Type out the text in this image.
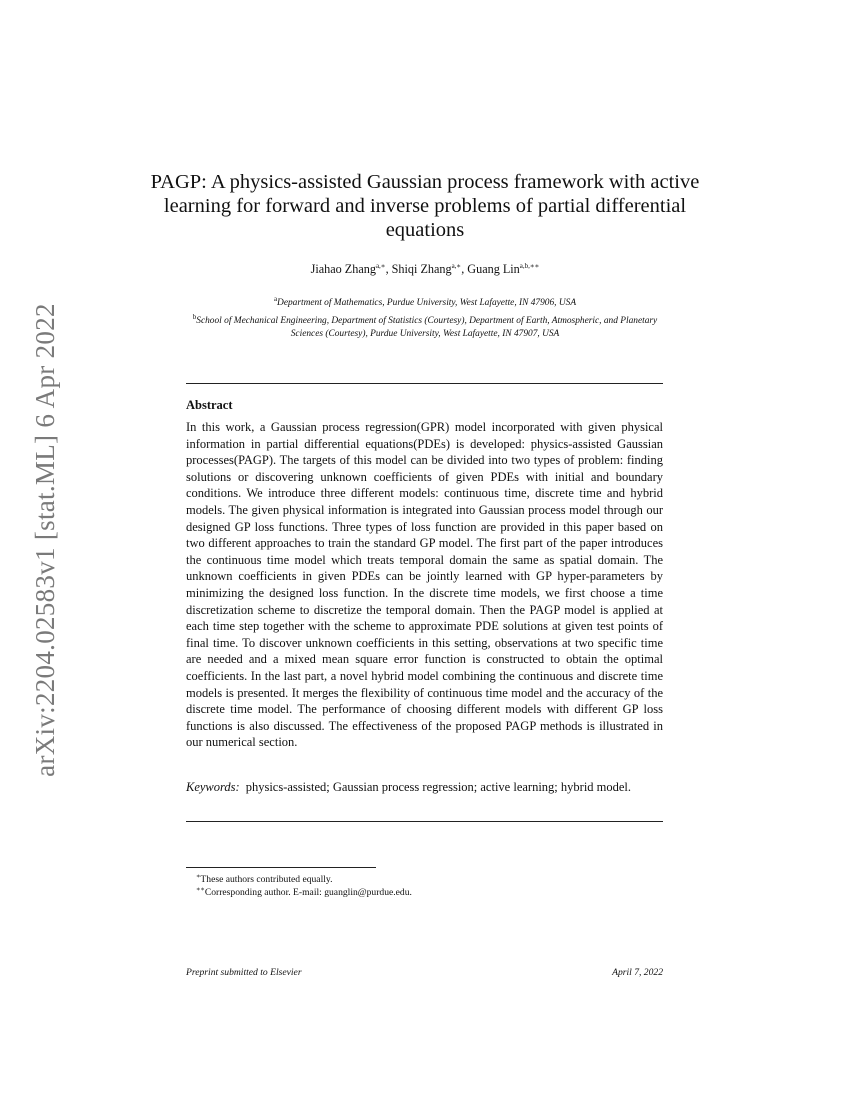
arXiv:2204.02583v1 [stat.ML] 6 Apr 2022
PAGP: A physics-assisted Gaussian process framework with active learning for forward and inverse problems of partial differential equations
Jiahao Zhang$^{a,∗}$, Shiqi Zhang$^{a,∗}$, Guang Lin$^{a,b,∗∗}$
$^a$Department of Mathematics, Purdue University, West Lafayette, IN 47906, USA
$^b$School of Mechanical Engineering, Department of Statistics (Courtesy), Department of Earth, Atmospheric, and Planetary Sciences (Courtesy), Purdue University, West Lafayette, IN 47907, USA
Abstract
In this work, a Gaussian process regression(GPR) model incorporated with given physical information in partial differential equations(PDEs) is developed: physics-assisted Gaussian processes(PAGP). The targets of this model can be divided into two types of problem: finding solutions or discovering unknown coefficients of given PDEs with initial and boundary conditions. We introduce three different models: continuous time, discrete time and hybrid models. The given physical information is integrated into Gaussian process model through our designed GP loss functions. Three types of loss function are provided in this paper based on two different approaches to train the standard GP model. The first part of the paper introduces the continuous time model which treats temporal domain the same as spatial domain. The unknown coefficients in given PDEs can be jointly learned with GP hyper-parameters by minimizing the designed loss function. In the discrete time models, we first choose a time discretization scheme to discretize the temporal domain. Then the PAGP model is applied at each time step together with the scheme to approximate PDE solutions at given test points of final time. To discover unknown coefficients in this setting, observations at two specific time are needed and a mixed mean square error function is constructed to obtain the optimal coefficients. In the last part, a novel hybrid model combining the continuous and discrete time models is presented. It merges the flexibility of continuous time model and the accuracy of the discrete time model. The performance of choosing different models with different GP loss functions is also discussed. The effectiveness of the proposed PAGP methods is illustrated in our numerical section.
Keywords: physics-assisted; Gaussian process regression; active learning; hybrid model.
∗These authors contributed equally.
∗∗Corresponding author. E-mail: guanglin@purdue.edu.
Preprint submitted to Elsevier	April 7, 2022
